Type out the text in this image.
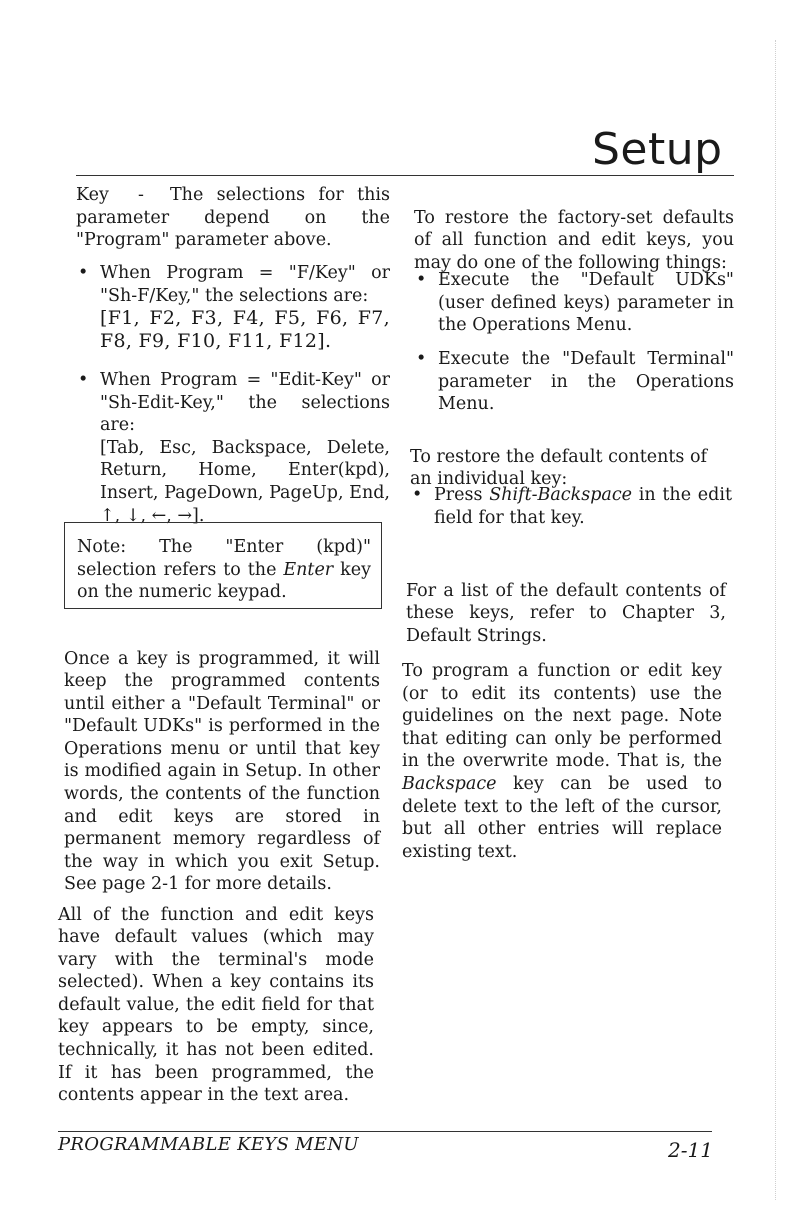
Setup
Key -	The selections for this parameter depend on the "Program" parameter above.

• When Program = "F/Key" or "Sh-F/Key," the selections are:

[F1, F2, F3, F4, F5, F6, F7, F8, F9, F10, F11, F12].

• When Program = "Edit-Key" or "Sh-Edit-Key," the selections are:

[Tab, Esc, Backspace, Delete, Return, Home, Enter(kpd), Insert, PageDown, PageUp, End, ↑, ↓, ←, →].

Note: The "Enter (kpd)" selection refers to the Enter key on the numeric keypad.

Once a key is programmed, it will keep the programmed contents until either a "Default Terminal" or "Default UDKs" is performed in the Operations menu or until that key is modified again in Setup. In other words, the contents of the function and edit keys are stored in permanent memory regardless of the way in which you exit Setup. See page 2-1 for more details.

All of the function and edit keys have default values (which may vary with the terminal's mode selected). When a key contains its default value, the edit field for that key appears to be empty, since, technically, it has not been edited. If it has been programmed, the contents appear in the text area.

To restore the factory-set defaults of all function and edit keys, you may do one of the following things:

• Execute the "Default UDKs" (user defined keys) parameter in the Operations Menu.

• Execute the "Default Terminal" parameter in the Operations Menu.

To restore the default contents of an individual key:

• Press Shift-Backspace in the edit field for that key.

For a list of the default contents of these keys, refer to Chapter 3, Default Strings.

To program a function or edit key (or to edit its contents) use the guidelines on the next page. Note that editing can only be performed in the overwrite mode. That is, the Backspace key can be used to delete text to the left of the cursor, but all other entries will replace existing text.
PROGRAMMABLE KEYS MENU	2-11
